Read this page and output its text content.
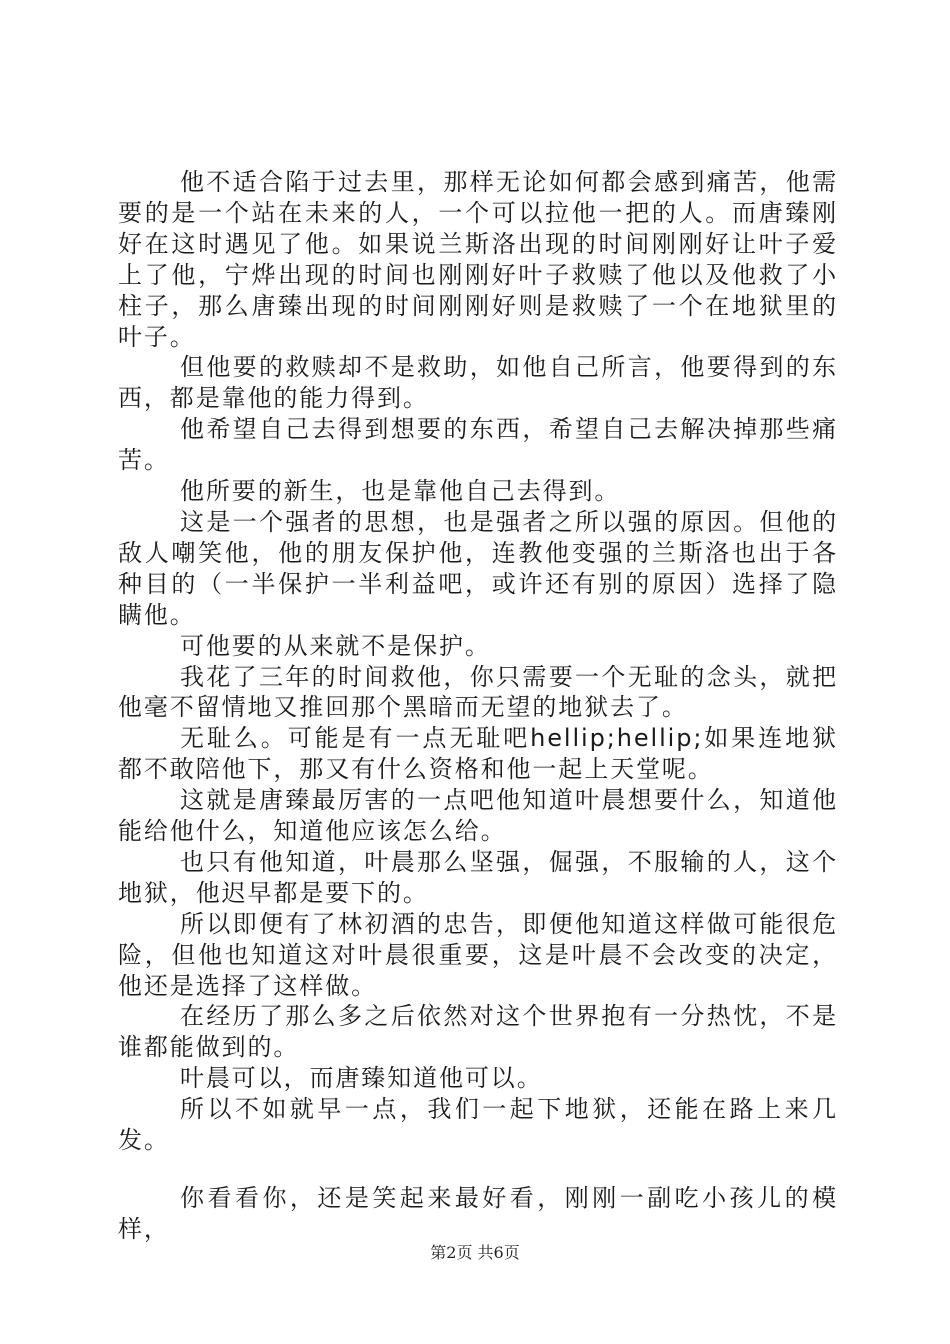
他不适合陷于过去里，那样无论如何都会感到痛苦，他需要的是一个站在未来的人，一个可以拉他一把的人。而唐臻刚好在这时遇见了他。如果说兰斯洛出现的时间刚刚好让叶子爱上了他，宁烨出现的时间也刚刚好叶子救赎了他以及他救了小柱子，那么唐臻出现的时间刚刚好则是救赎了一个在地狱里的叶子。

但他要的救赎却不是救助，如他自己所言，他要得到的东西，都是靠他的能力得到。

他希望自己去得到想要的东西，希望自己去解决掉那些痛苦。

他所要的新生，也是靠他自己去得到。

这是一个强者的思想，也是强者之所以强的原因。但他的敌人嘲笑他，他的朋友保护他，连教他变强的兰斯洛也出于各种目的（一半保护一半利益吧，或许还有别的原因）选择了隐瞒他。

可他要的从来就不是保护。

我花了三年的时间救他，你只需要一个无耻的念头，就把他毫不留情地又推回那个黑暗而无望的地狱去了。

无耻么。可能是有一点无耻吧hellip;hellip;如果连地狱都不敢陪他下，那又有什么资格和他一起上天堂呢。

这就是唐臻最厉害的一点吧他知道叶晨想要什么，知道他能给他什么，知道他应该怎么给。

也只有他知道，叶晨那么坚强，倔强，不服输的人，这个地狱，他迟早都是要下的。

所以即便有了林初酒的忠告，即便他知道这样做可能很危险，但他也知道这对叶晨很重要，这是叶晨不会改变的决定，他还是选择了这样做。

在经历了那么多之后依然对这个世界抱有一分热忱，不是谁都能做到的。

叶晨可以，而唐臻知道他可以。

所以不如就早一点，我们一起下地狱，还能在路上来几发。

你看看你，还是笑起来最好看，刚刚一副吃小孩儿的模样，

第2页 共6页
